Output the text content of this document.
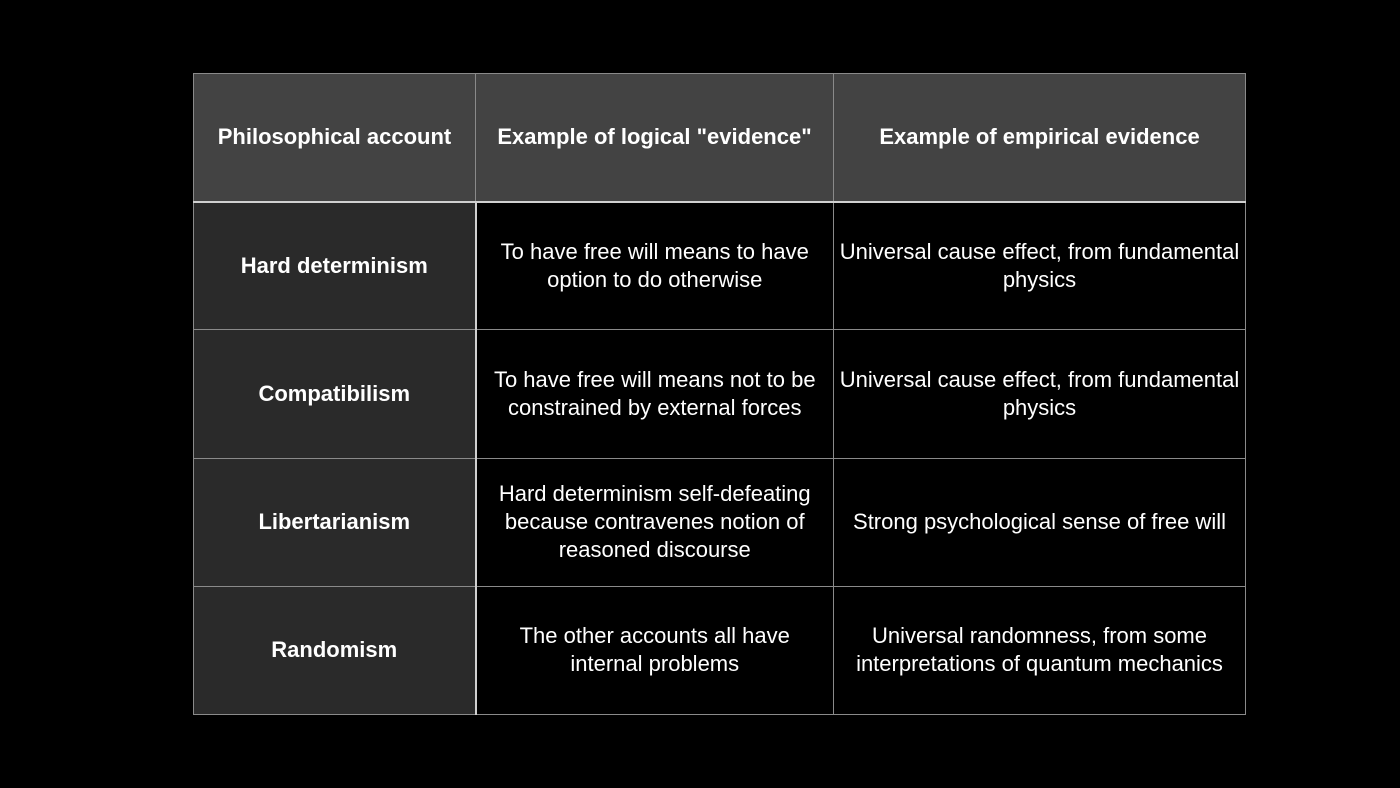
Philosophical account	Example of logical "evidence"	Example of empirical evidence
Hard determinism	To have free will means to have option to do otherwise	Universal cause effect, from fundamental physics
Compatibilism	To have free will means not to be constrained by external forces	Universal cause effect, from fundamental physics
Libertarianism	Hard determinism self-defeating because contravenes notion of reasoned discourse	Strong psychological sense of free will
Randomism	The other accounts all have internal problems	Universal randomness, from some interpretations of quantum mechanics
